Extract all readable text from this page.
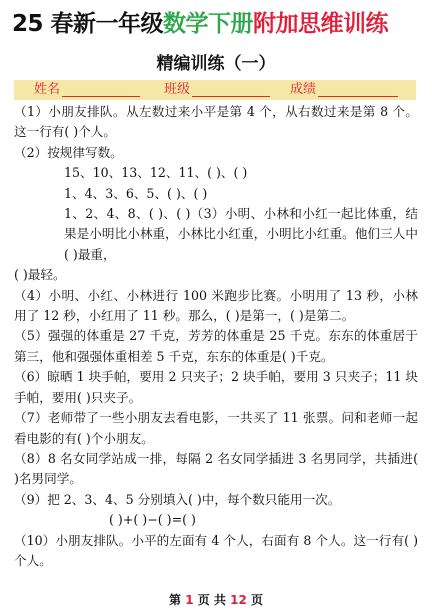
25 春新一年级数学下册附加思维训练
精编训练（一）
姓名	班级	成绩

（1）小朋友排队。从左数过来小平是第 4 个，从右数过来是第 8 个。这一行有( )个人。

（2）按规律写数。

15、10、13、12、11、( )、( )

1、4、3、6、5、( )、( )

1、2、4、8、( )、( )（3）小明、小林和小红一起比体重，结果是小明比小林重，小林比小红重，小明比小红重。他们三人中( )最重，

( )最轻。

（4）小明、小红、小林进行 100 米跑步比赛。小明用了 13 秒，小林用了 12 秒，小红用了 11 秒。那么，( )是第一，( )是第二。

（5）强强的体重是 27 千克，芳芳的体重是 25 千克。东东的体重居于第三，他和强强体重相差 5 千克，东东的体重是( )千克。

（6）晾晒 1 块手帕，要用 2 只夹子；2 块手帕，要用 3 只夹子；11 块手帕，要用( )只夹子。

（7）老师带了一些小朋友去看电影，一共买了 11 张票。问和老师一起看电影的有( )个小朋友。

（8）8 名女同学站成一排，每隔 2 名女同学插进 3 名男同学，共插进( )名男同学。

（9）把 2、3、4、5 分别填入( )中，每个数只能用一次。

( )+( )−( )=( )

（10）小朋友排队。小平的左面有 4 个人，右面有 8 个人。这一行有( )个人。

第 1 页 共 12 页
